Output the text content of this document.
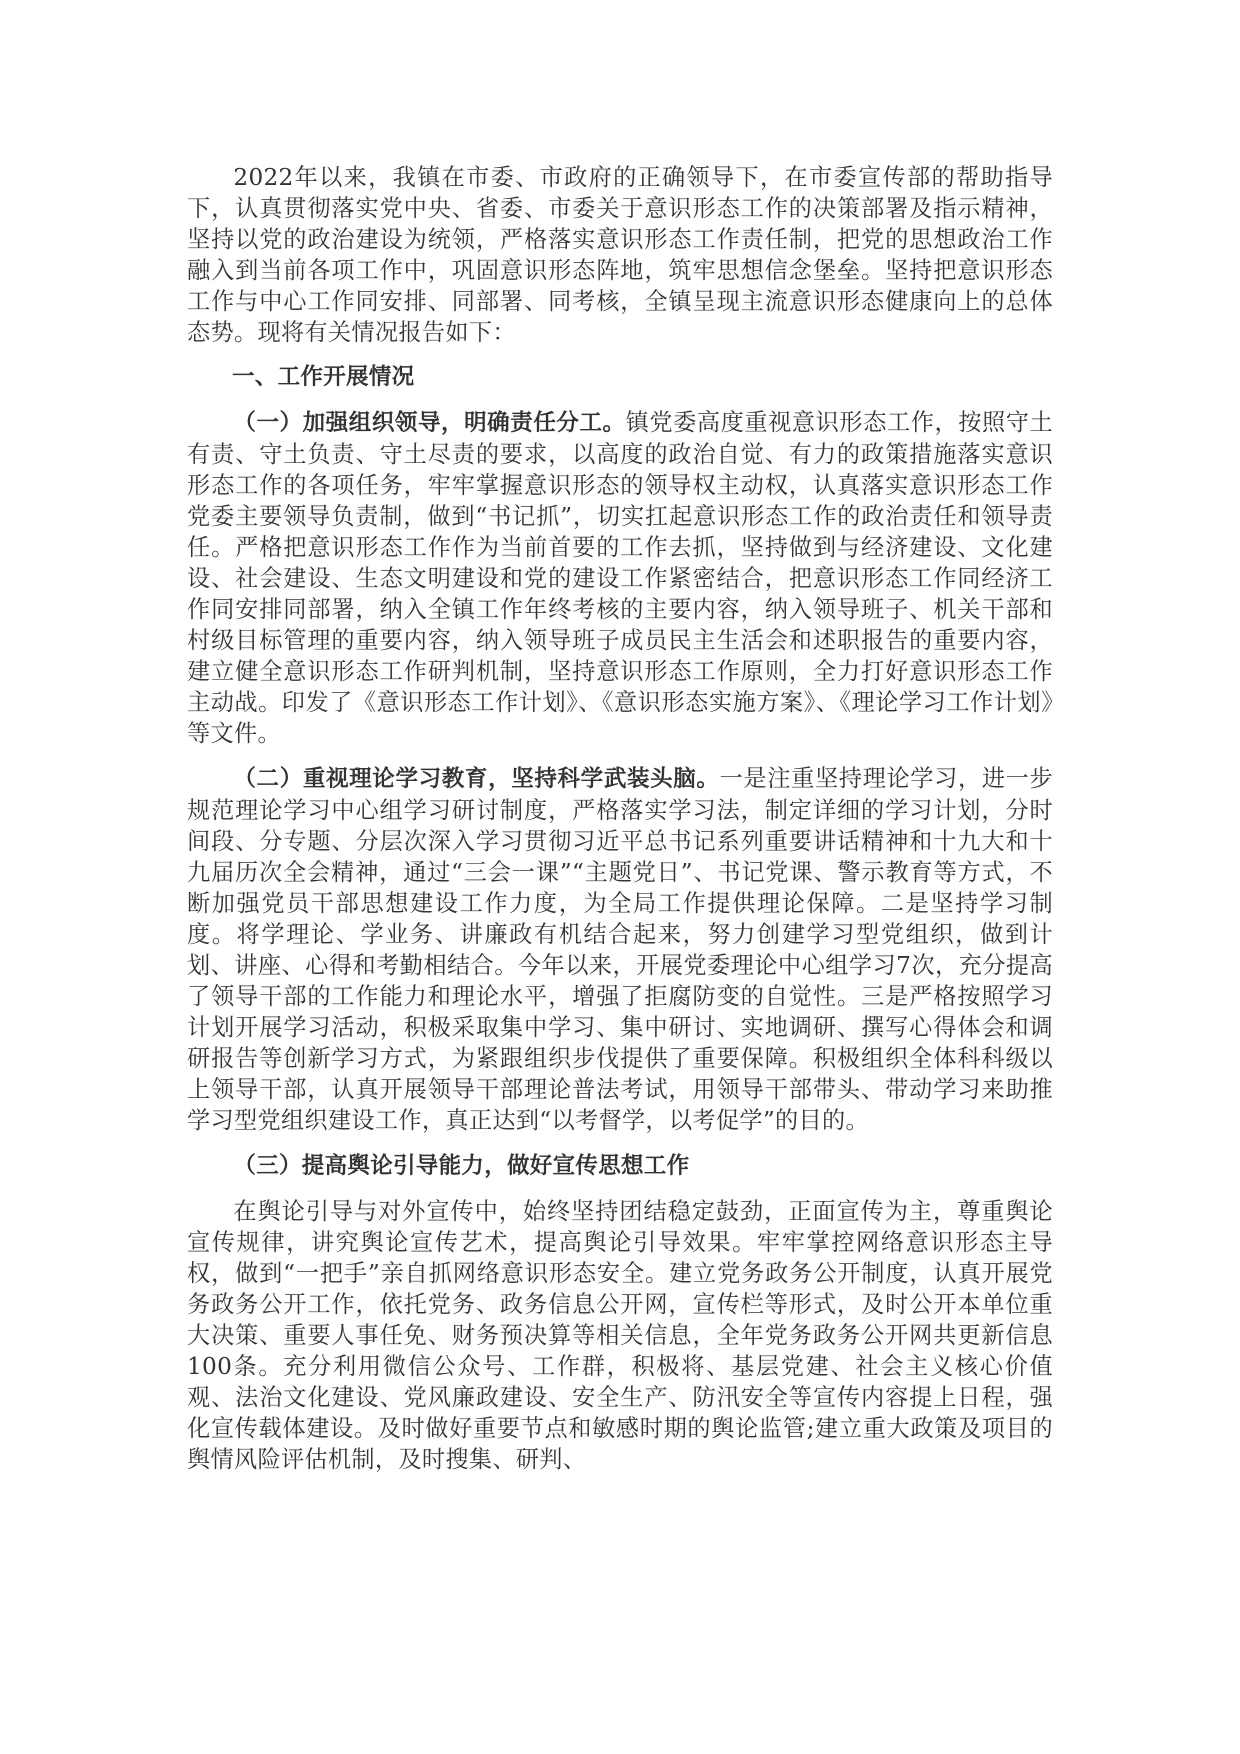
2022年以来，我镇在市委、市政府的正确领导下，在市委宣传部的帮助指导下，认真贯彻落实党中央、省委、市委关于意识形态工作的决策部署及指示精神，坚持以党的政治建设为统领，严格落实意识形态工作责任制，把党的思想政治工作融入到当前各项工作中，巩固意识形态阵地，筑牢思想信念堡垒。坚持把意识形态工作与中心工作同安排、同部署、同考核，全镇呈现主流意识形态健康向上的总体态势。现将有关情况报告如下：

一、工作开展情况

（一）加强组织领导，明确责任分工。镇党委高度重视意识形态工作，按照守土有责、守土负责、守土尽责的要求，以高度的政治自觉、有力的政策措施落实意识形态工作的各项任务，牢牢掌握意识形态的领导权主动权，认真落实意识形态工作党委主要领导负责制，做到“书记抓”，切实扛起意识形态工作的政治责任和领导责任。严格把意识形态工作作为当前首要的工作去抓，坚持做到与经济建设、文化建设、社会建设、生态文明建设和党的建设工作紧密结合，把意识形态工作同经济工作同安排同部署，纳入全镇工作年终考核的主要内容，纳入领导班子、机关干部和村级目标管理的重要内容，纳入领导班子成员民主生活会和述职报告的重要内容，建立健全意识形态工作研判机制，坚持意识形态工作原则，全力打好意识形态工作主动战。印发了《意识形态工作计划》、《意识形态实施方案》、《理论学习工作计划》等文件。

（二）重视理论学习教育，坚持科学武装头脑。一是注重坚持理论学习，进一步规范理论学习中心组学习研讨制度，严格落实学习法，制定详细的学习计划，分时间段、分专题、分层次深入学习贯彻习近平总书记系列重要讲话精神和十九大和十九届历次全会精神，通过“三会一课”“主题党日”、书记党课、警示教育等方式，不断加强党员干部思想建设工作力度，为全局工作提供理论保障。二是坚持学习制度。将学理论、学业务、讲廉政有机结合起来，努力创建学习型党组织，做到计划、讲座、心得和考勤相结合。今年以来，开展党委理论中心组学习7次，充分提高了领导干部的工作能力和理论水平，增强了拒腐防变的自觉性。三是严格按照学习计划开展学习活动，积极采取集中学习、集中研讨、实地调研、撰写心得体会和调研报告等创新学习方式，为紧跟组织步伐提供了重要保障。积极组织全体科科级以上领导干部，认真开展领导干部理论普法考试，用领导干部带头、带动学习来助推学习型党组织建设工作，真正达到“以考督学，以考促学”的目的。

（三）提高舆论引导能力，做好宣传思想工作

在舆论引导与对外宣传中，始终坚持团结稳定鼓劲，正面宣传为主，尊重舆论宣传规律，讲究舆论宣传艺术，提高舆论引导效果。牢牢掌控网络意识形态主导权，做到“一把手”亲自抓网络意识形态安全。建立党务政务公开制度，认真开展党务政务公开工作，依托党务、政务信息公开网，宣传栏等形式，及时公开本单位重大决策、重要人事任免、财务预决算等相关信息，全年党务政务公开网共更新信息100条。充分利用微信公众号、工作群，积极将、基层党建、社会主义核心价值观、法治文化建设、党风廉政建设、安全生产、防汛安全等宣传内容提上日程，强化宣传载体建设。及时做好重要节点和敏感时期的舆论监管;建立重大政策及项目的舆情风险评估机制，及时搜集、研判、
